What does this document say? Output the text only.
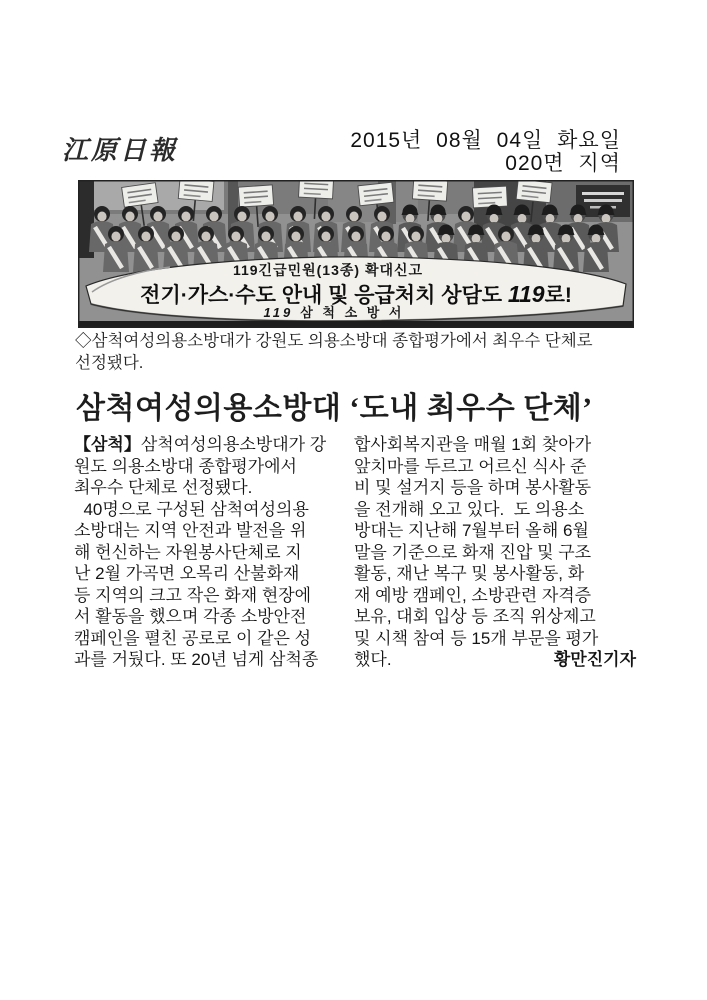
江原日報	2015년 08월 04일 화요일
020면 지역
119긴급민원(13종) 확대신고
전기·가스·수도 안내 및 응급처치 상담도 119로!
119 삼 척 소 방 서
◇삼척여성의용소방대가 강원도 의용소방대 종합평가에서 최우수 단체로
선정됐다.
삼척여성의용소방대 ‘도내 최우수 단체’
【삼척】삼척여성의용소방대가 강
원도 의용소방대 종합평가에서
최우수 단체로 선정됐다.
40명으로 구성된 삼척여성의용
소방대는 지역 안전과 발전을 위
해 헌신하는 자원봉사단체로 지
난 2월 가곡면 오목리 산불화재
등 지역의 크고 작은 화재 현장에
서 활동을 했으며 각종 소방안전
캠페인을 펼친 공로로 이 같은 성
과를 거뒀다. 또 20년 넘게 삼척종
합사회복지관을 매월 1회 찾아가
앞치마를 두르고 어르신 식사 준
비 및 설거지 등을 하며 봉사활동
을 전개해 오고 있다.  도 의용소
방대는 지난해 7월부터 올해 6월
말을 기준으로 화재 진압 및 구조
활동, 재난 복구 및 봉사활동, 화
재 예방 캠페인, 소방관련 자격증
보유, 대회 입상 등 조직 위상제고
및 시책 참여 등 15개 부문을 평가
했다.	황만진기자
